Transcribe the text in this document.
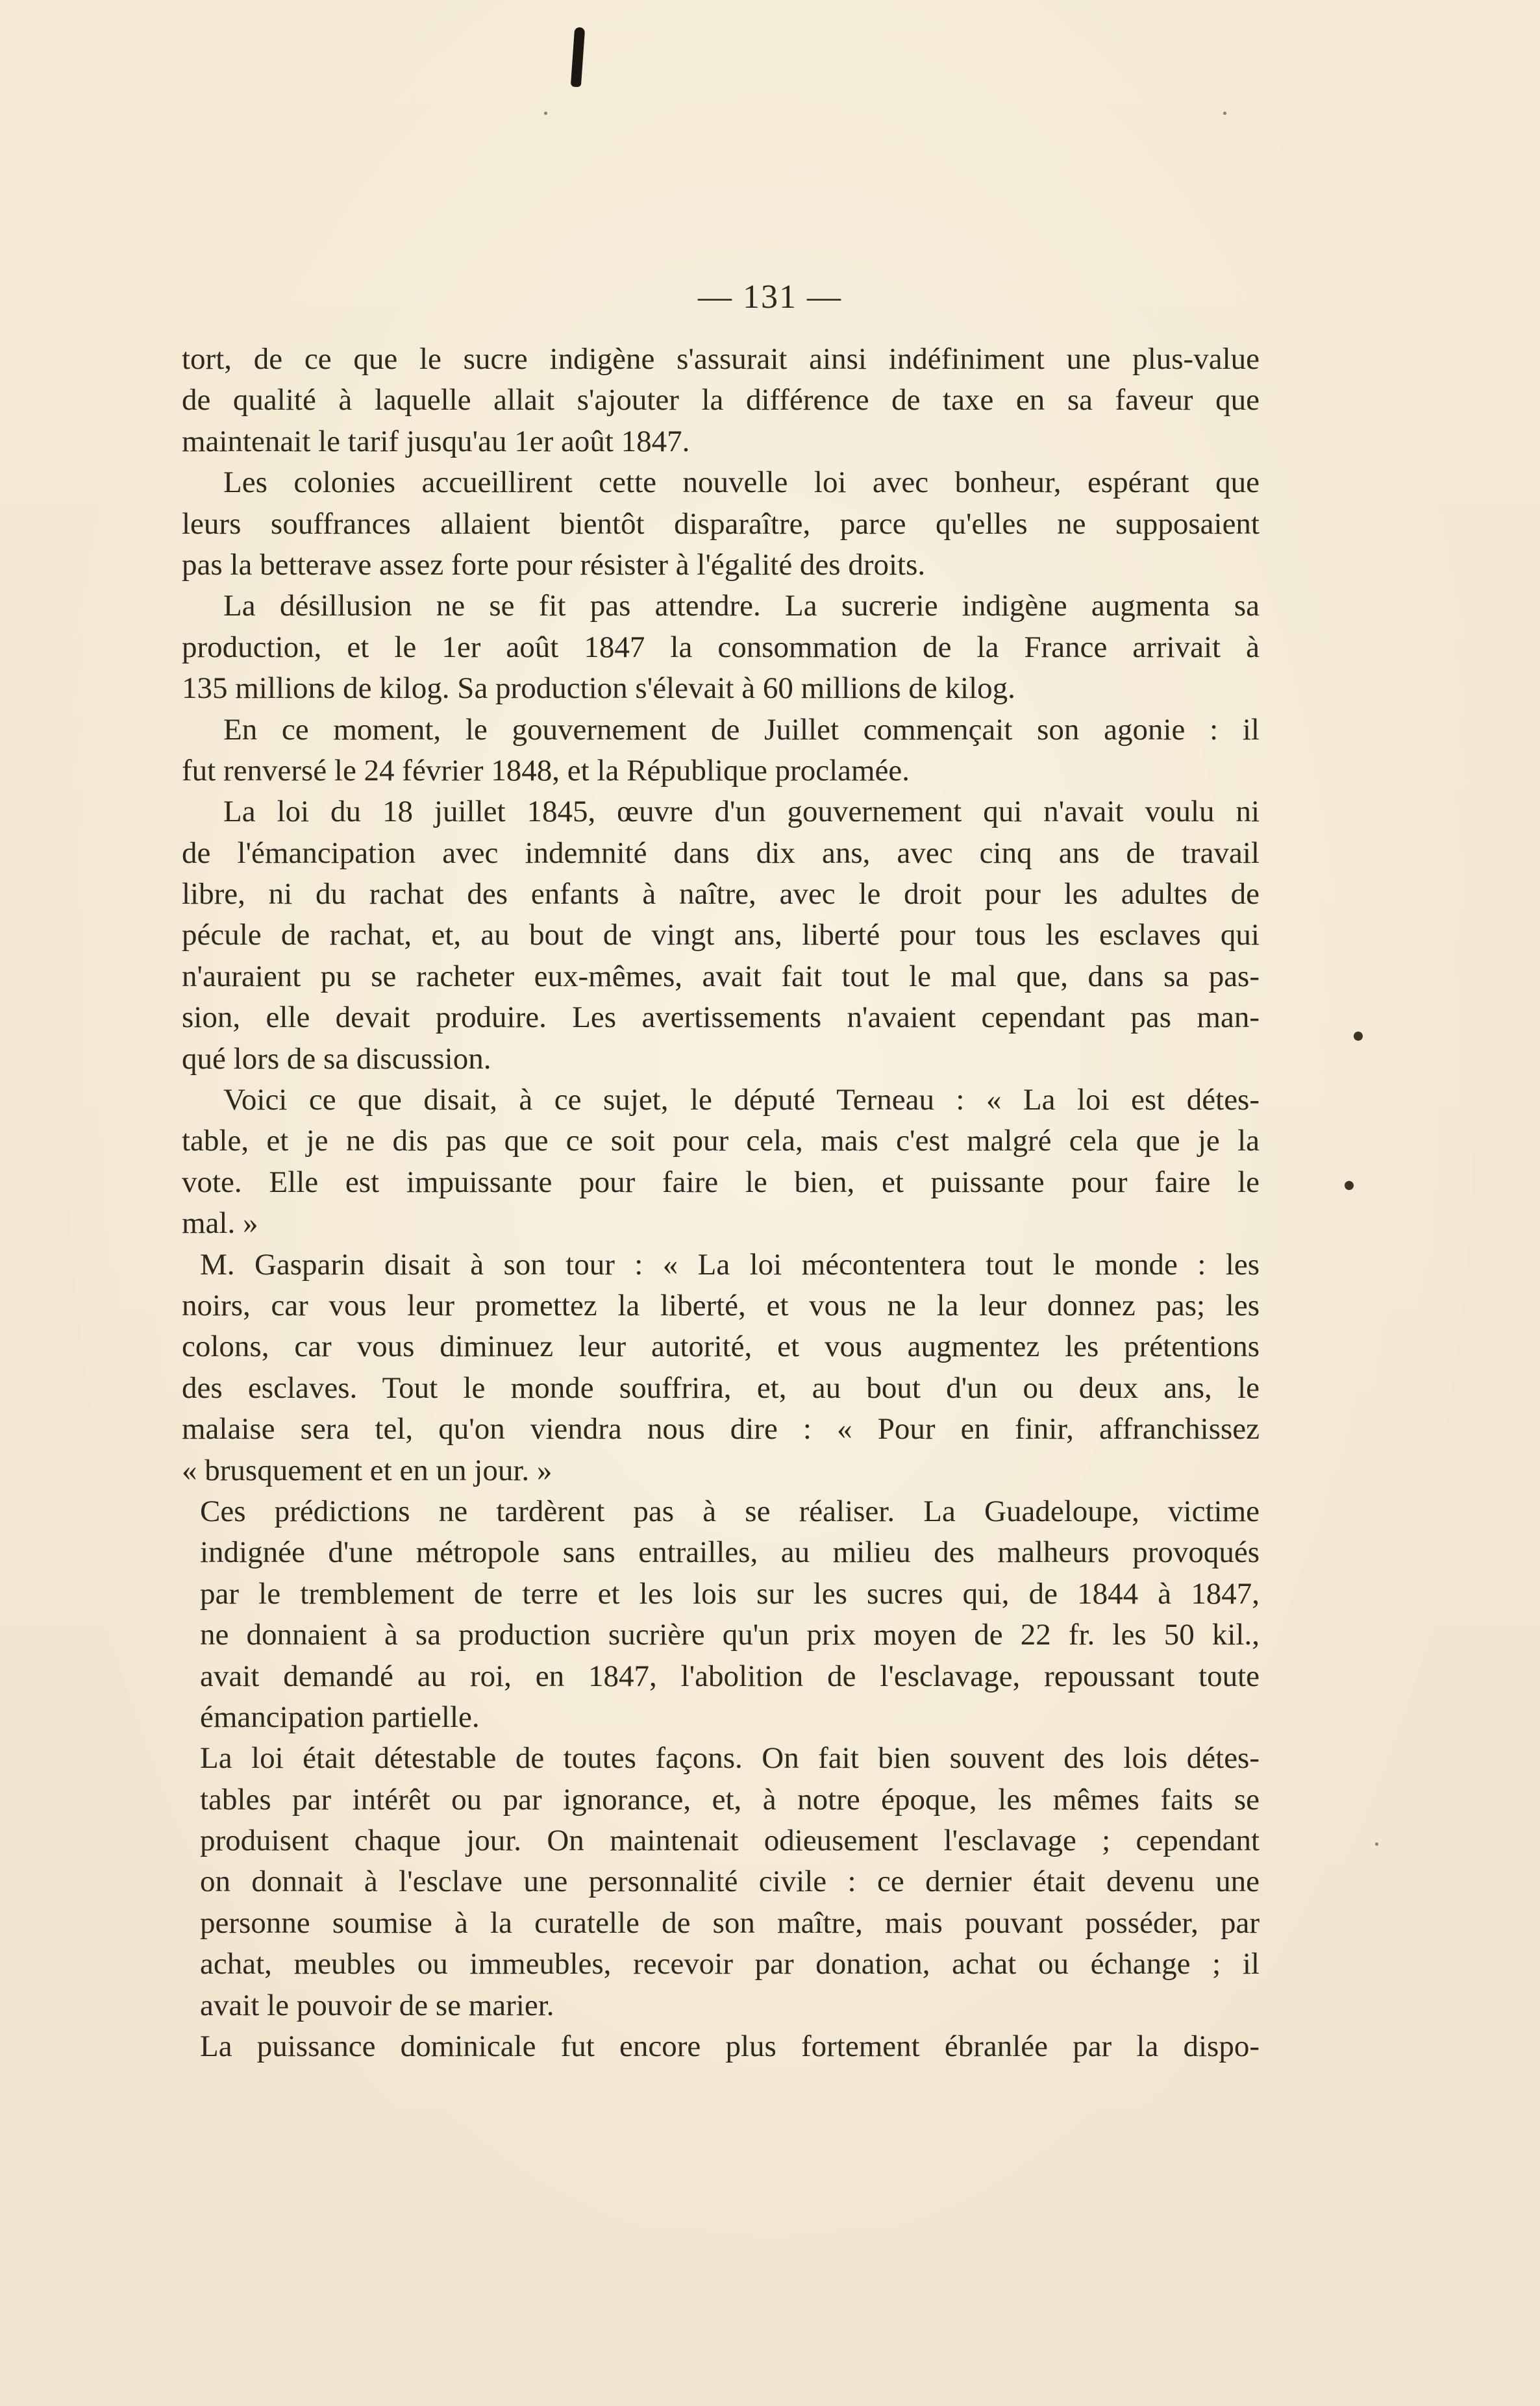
— 131 —
tort, de ce que le sucre indigène s'assurait ainsi indéfiniment une plus-value
de qualité à laquelle allait s'ajouter la différence de taxe en sa faveur que
maintenait le tarif jusqu'au 1er août 1847.
Les colonies accueillirent cette nouvelle loi avec bonheur, espérant que
leurs souffrances allaient bientôt disparaître, parce qu'elles ne supposaient
pas la betterave assez forte pour résister à l'égalité des droits.
La désillusion ne se fit pas attendre. La sucrerie indigène augmenta sa
production, et le 1er août 1847 la consommation de la France arrivait à
135 millions de kilog. Sa production s'élevait à 60 millions de kilog.
En ce moment, le gouvernement de Juillet commençait son agonie : il
fut renversé le 24 février 1848, et la République proclamée.
La loi du 18 juillet 1845, œuvre d'un gouvernement qui n'avait voulu ni
de l'émancipation avec indemnité dans dix ans, avec cinq ans de travail
libre, ni du rachat des enfants à naître, avec le droit pour les adultes de
pécule de rachat, et, au bout de vingt ans, liberté pour tous les esclaves qui
n'auraient pu se racheter eux-mêmes, avait fait tout le mal que, dans sa pas-
sion, elle devait produire. Les avertissements n'avaient cependant pas man-
qué lors de sa discussion.
Voici ce que disait, à ce sujet, le député Terneau : « La loi est détes-
table, et je ne dis pas que ce soit pour cela, mais c'est malgré cela que je la
vote. Elle est impuissante pour faire le bien, et puissante pour faire le
mal. »
M. Gasparin disait à son tour : « La loi mécontentera tout le monde : les
noirs, car vous leur promettez la liberté, et vous ne la leur donnez pas; les
colons, car vous diminuez leur autorité, et vous augmentez les prétentions
des esclaves. Tout le monde souffrira, et, au bout d'un ou deux ans, le
malaise sera tel, qu'on viendra nous dire : « Pour en finir, affranchissez
« brusquement et en un jour. »
Ces prédictions ne tardèrent pas à se réaliser. La Guadeloupe, victime
indignée d'une métropole sans entrailles, au milieu des malheurs provoqués
par le tremblement de terre et les lois sur les sucres qui, de 1844 à 1847,
ne donnaient à sa production sucrière qu'un prix moyen de 22 fr. les 50 kil.,
avait demandé au roi, en 1847, l'abolition de l'esclavage, repoussant toute
émancipation partielle.
La loi était détestable de toutes façons. On fait bien souvent des lois détes-
tables par intérêt ou par ignorance, et, à notre époque, les mêmes faits se
produisent chaque jour. On maintenait odieusement l'esclavage ; cependant
on donnait à l'esclave une personnalité civile : ce dernier était devenu une
personne soumise à la curatelle de son maître, mais pouvant posséder, par
achat, meubles ou immeubles, recevoir par donation, achat ou échange ; il
avait le pouvoir de se marier.
La puissance dominicale fut encore plus fortement ébranlée par la dispo-
